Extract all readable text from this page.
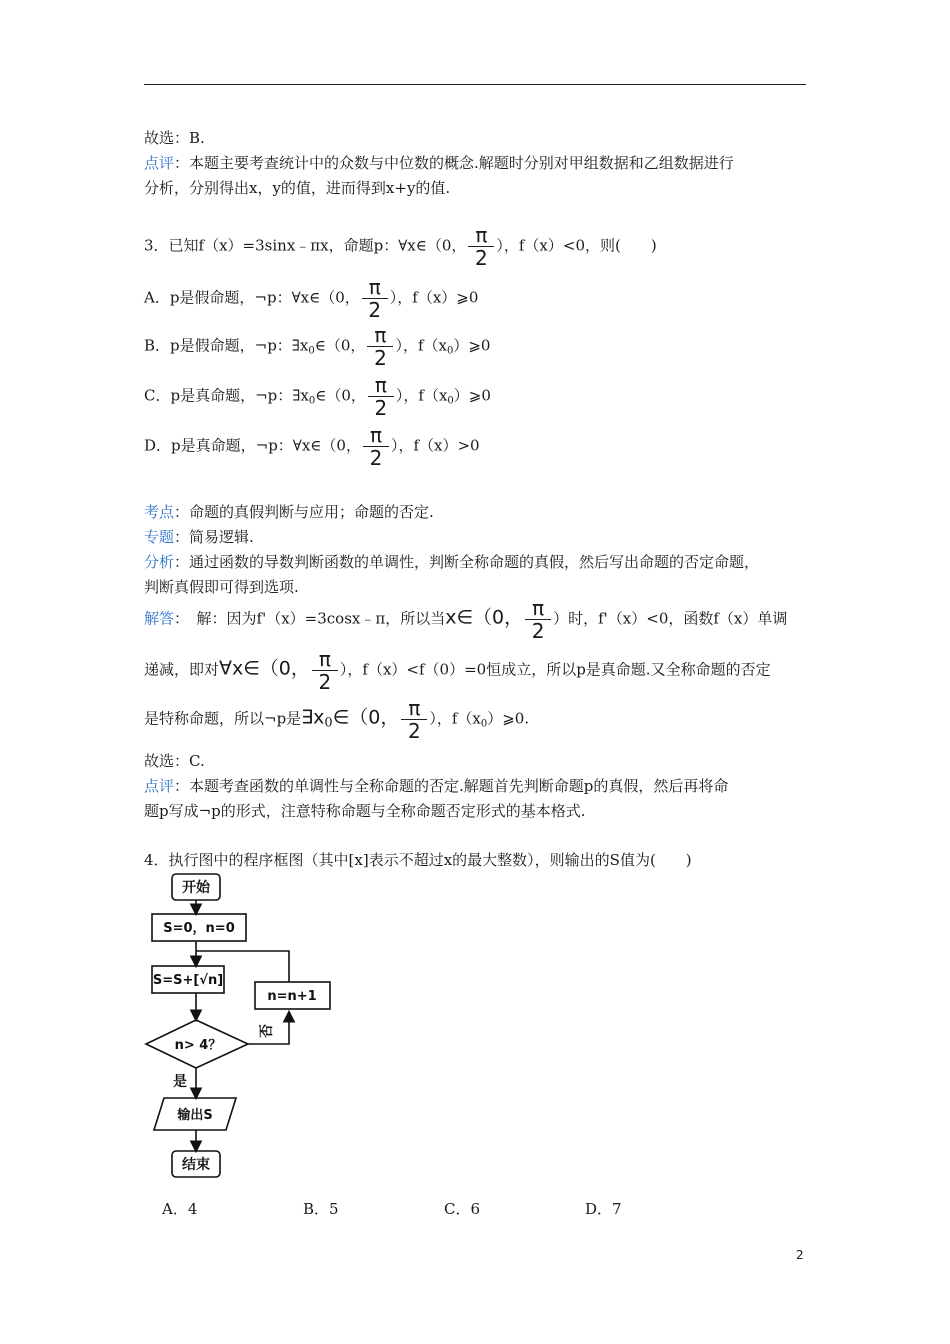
故选：B.
点评：本题主要考查统计中的众数与中位数的概念.解题时分别对甲组数据和乙组数据进行
分析，分别得出x，y的值，进而得到x+y的值.
3．已知f（x）=3sinx﹣πx，命题p：∀x∈（0， $\frac{\pi}{2}$ ），f（x）<0，则(　　)
A．p是假命题，¬p：∀x∈（0， $\frac{\pi}{2}$ ），f（x）⩾0
B．p是假命题，¬p：$\exists x_0\in(0$， $\frac{\pi}{2}$ ），$f(x_0)⩾0$
C．p是真命题，¬p：$\exists x_0\in(0$， $\frac{\pi}{2}$ ），$f(x_0)⩾0$
D．p是真命题，¬p：∀x∈（0， $\frac{\pi}{2}$ ），f（x）>0
考点：命题的真假判断与应用；命题的否定.
专题：简易逻辑.
分析：通过函数的导数判断函数的单调性，判断全称命题的真假，然后写出命题的否定命题，
判断真假即可得到选项.
解答：　解：因为f'（x）=3cosx﹣π，所以当x∈（0， $\frac{\pi}{2}$ ）时，f'（x）<0，函数f（x）单调
递减，即对∀x∈（0， $\frac{\pi}{2}$ ），f（x）<f（0）=0恒成立，所以p是真命题.又全称命题的否定
是特称命题，所以¬p是∃x0∈（0， $\frac{\pi}{2}$ ），$f(x_0)⩾0$.
故选：C.
点评：本题考查函数的单调性与全称命题的否定.解题首先判断命题p的真假，然后再将命
题p写成¬p的形式，注意特称命题与全称命题否定形式的基本格式.
4．执行图中的程序框图（其中[x]表示不超过x的最大整数），则输出的S值为(　　)
开始
S=0，n=0
S=S+[√n]
n=n+1
n> 4？
否
是
输出S
结束
A．4	B．5	C．6	D．7
2
